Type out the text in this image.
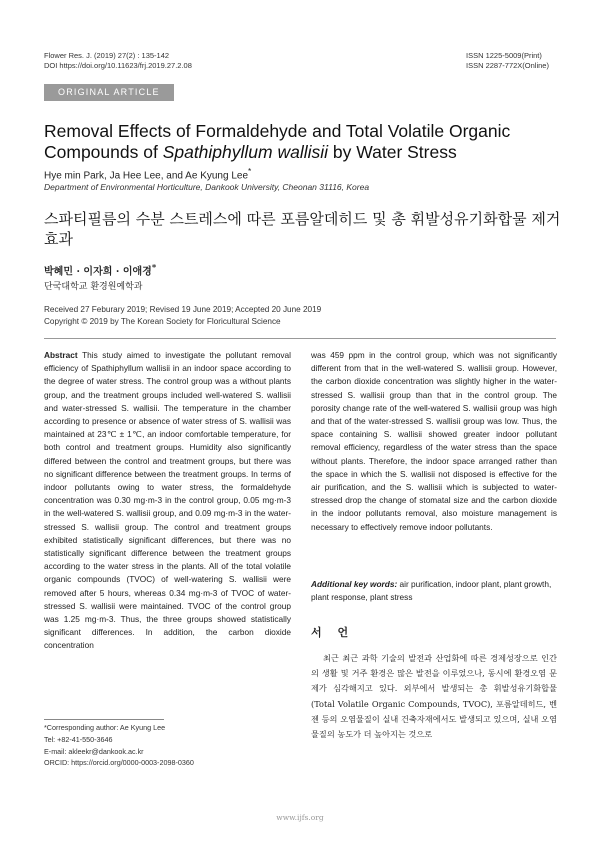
Flower Res. J. (2019) 27(2) : 135-142
DOI https://doi.org/10.11623/frj.2019.27.2.08
ISSN 1225-5009(Print)
ISSN 2287-772X(Online)
ORIGINAL ARTICLE
Removal Effects of Formaldehyde and Total Volatile Organic
Compounds of Spathiphyllum wallisii by Water Stress
Hye min Park, Ja Hee Lee, and Ae Kyung Lee*
Department of Environmental Horticulture, Dankook University, Cheonan 31116, Korea
스파티필름의 수분 스트레스에 따른 포름알데히드 및 총 휘발성유기화합물 제거 효과
박혜민 · 이자희 · 이애경*
단국대학교 환경원예학과
Received 27 Feburary 2019; Revised 19 June 2019; Accepted 20 June 2019
Copyright © 2019 by The Korean Society for Floricultural Science
Abstract This study aimed to investigate the pollutant removal efficiency of Spathiphyllum wallisii in an indoor space according to the degree of water stress. The control group was a without plants group, and the treatment groups included well-watered S. wallisii and water-stressed S. wallisii. The temperature in the chamber according to presence or absence of water stress of S. wallisii was maintained at 23℃ ± 1℃, an indoor comfortable temperature, for both control and treatment groups. Humidity also significantly differed between the control and treatment groups, but there was no significant difference between the treatment groups. In terms of indoor pollutants owing to water stress, the formaldehyde concentration was 0.30 mg·m-3 in the control group, 0.05 mg·m-3 in the well-watered S. wallisii group, and 0.09 mg·m-3 in the water-stressed S. wallisii group. The control and treatment groups exhibited statistically significant differences, but there was no statistically significant difference between the treatment groups according to the water stress in the plants. All of the total volatile organic compounds (TVOC) of well-watering S. wallisii were removed after 5 hours, whereas 0.34 mg·m-3 of TVOC of water-stressed S. wallisii were maintained. TVOC of the control group was 1.25 mg·m-3. Thus, the three groups showed statistically significant differences. In addition, the carbon dioxide concentration
was 459 ppm in the control group, which was not significantly different from that in the well-watered S. wallisii group. However, the carbon dioxide concentration was slightly higher in the water-stressed S. wallisii group than that in the control group. The porosity change rate of the well-watered S. wallisii group was high and that of the water-stressed S. wallisii group was low. Thus, the space containing S. wallisii showed greater indoor pollutant removal efficiency, regardless of the water stress than the space without plants. Therefore, the indoor space arranged rather than the space in which the S. wallisii not disposed is effective for the air purification, and the S. wallisii which is subjected to water-stressed drop the change of stomatal size and the carbon dioxide in the indoor pollutants removal, also moisture management is necessary to effectively remove indoor pollutants.
Additional key words: air purification, indoor plant, plant growth, plant response, plant stress
서 언
최근 최근 과학 기술의 발전과 산업화에 따른 경제성장으로 인간의 생활 및 거주 환경은 많은 발전을 이루었으나, 동시에 환경오염 문제가 심각해지고 있다. 외부에서 발생되는 총 휘발성유기화합물(Total Volatile Organic Compounds, TVOC), 포름알데히드, 벤젠 등의 오염물질이 실내 건축자재에서도 발생되고 있으며, 실내 오염물질의 농도가 더 높아지는 것으로
*Corresponding author: Ae Kyung Lee
Tel: +82-41-550-3646
E-mail: akleekr@dankook.ac.kr
ORCID: https://orcid.org/0000-0003-2098-0360
www.ijfs.org
